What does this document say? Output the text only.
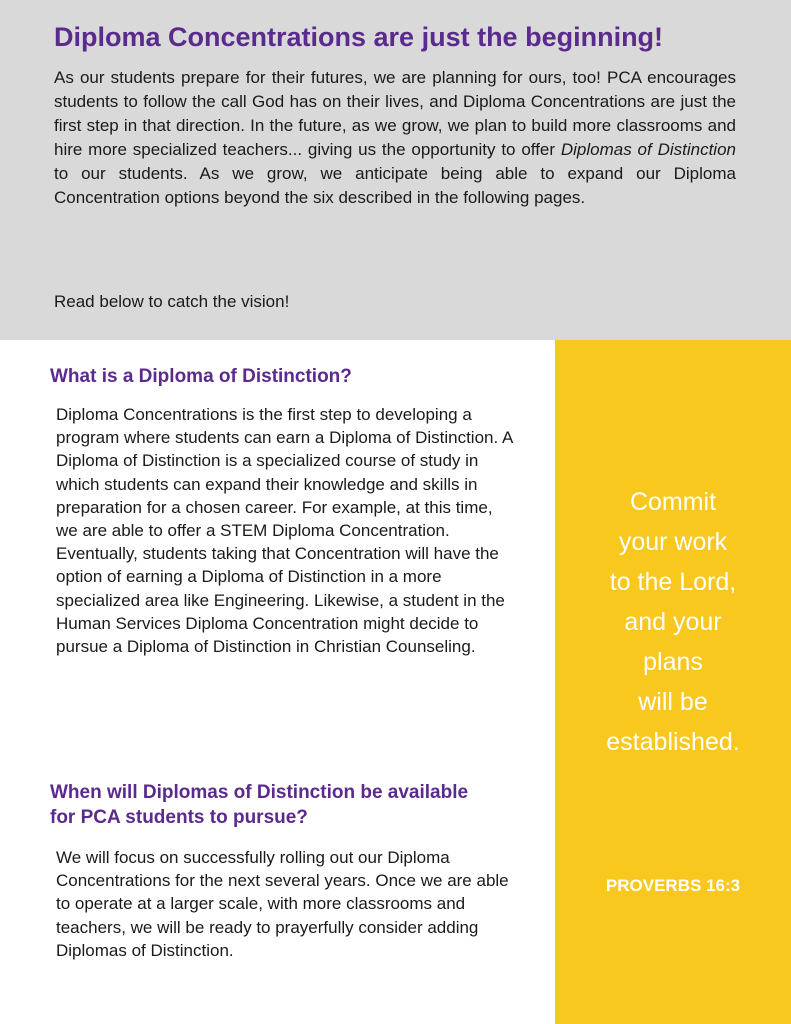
Diploma Concentrations are just the beginning!

As our students prepare for their futures, we are planning for ours, too! PCA encourages students to follow the call God has on their lives, and Diploma Concentrations are just the first step in that direction. In the future, as we grow, we plan to build more classrooms and hire more specialized teachers... giving us the opportunity to offer Diplomas of Distinction to our students. As we grow, we anticipate being able to expand our Diploma Concentration options beyond the six described in the following pages.

Read below to catch the vision!

What is a Diploma of Distinction?

Diploma Concentrations is the first step to developing a program where students can earn a Diploma of Distinction. A Diploma of Distinction is a specialized course of study in which students can expand their knowledge and skills in preparation for a chosen career. For example, at this time, we are able to offer a STEM Diploma Concentration. Eventually, students taking that Concentration will have the option of earning a Diploma of Distinction in a more specialized area like Engineering. Likewise, a student in the Human Services Diploma Concentration might decide to pursue a Diploma of Distinction in Christian Counseling.

When will Diplomas of Distinction be available for PCA students to pursue?

We will focus on successfully rolling out our Diploma Concentrations for the next several years. Once we are able to operate at a larger scale, with more classrooms and teachers, we will be ready to prayerfully consider adding Diplomas of Distinction.

Commit
your work
to the Lord,
and your
plans
will be
established.

PROVERBS 16:3
